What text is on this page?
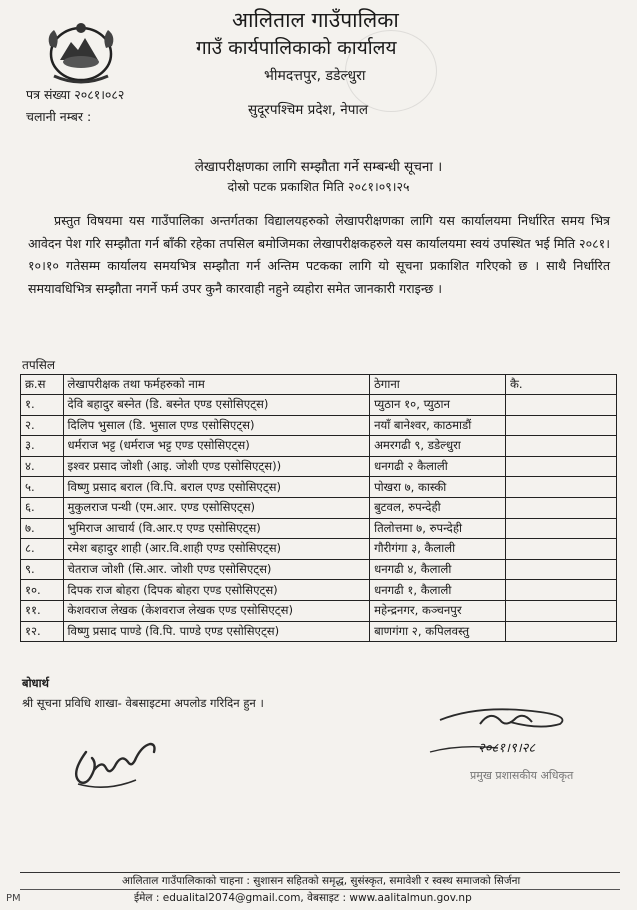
आलिताल गाउँपालिका
गाउँ कार्यपालिकाको कार्यालय
भीमदत्तपुर, डडेल्धुरा
सुदूरपश्चिम प्रदेश, नेपाल
पत्र संख्या २०८१।०८२
चलानी नम्बर :
लेखापरीक्षणका लागि सम्झौता गर्ने सम्बन्धी सूचना ।
दोस्रो पटक प्रकाशित मिति २०८१।०९।२५
प्रस्तुत विषयमा यस गाउँपालिका अन्तर्गतका विद्यालयहरुको लेखापरीक्षणका लागि यस कार्यालयमा निर्धारित समय भित्र आवेदन पेश गरि सम्झौता गर्न बाँकी रहेका तपसिल बमोजिमका लेखापरीक्षकहरुले यस कार्यालयमा स्वयं उपस्थित भई मिति २०८१।१०।१० गतेसम्म कार्यालय समयभित्र सम्झौता गर्न अन्तिम पटकका लागि यो सूचना प्रकाशित गरिएको छ । साथै निर्धारित समयावधिभित्र सम्झौता नगर्ने फर्म उपर कुनै कारवाही नहुने व्यहोरा समेत जानकारी गराइन्छ ।
तपसिल
क्र.स	लेखापरीक्षक तथा फर्महरुको नाम	ठेगाना	कै.
१.	देवि बहादुर बस्नेत (डि. बस्नेत एण्ड एसोसिएट्स)	प्युठान १०, प्युठान	
२.	दिलिप भुसाल (डि. भुसाल एण्ड एसोसिएट्स)	नयाँ बानेश्वर, काठमाडौं	
३.	धर्मराज भट्ट (धर्मराज भट्ट एण्ड एसोसिएट्स)	अमरगढी ९, डडेल्धुरा	
४.	इश्वर प्रसाद जोशी (आइ. जोशी एण्ड एसोसिएट्स))	धनगढी २ कैलाली	
५.	विष्णु प्रसाद बराल (वि.पि. बराल एण्ड एसोसिएट्स)	पोखरा ७, कास्की	
६.	मुकुलराज पन्थी (एम.आर. एण्ड एसोसिएट्स)	बुटवल, रुपन्देही	
७.	भुमिराज आचार्य (वि.आर.ए एण्ड एसोसिएट्स)	तिलोत्तमा ७, रुपन्देही	
८.	रमेश बहादुर शाही (आर.वि.शाही एण्ड एसोसिएट्स)	गौरीगंगा ३, कैलाली	
९.	चेतराज जोशी (सि.आर. जोशी एण्ड एसोसिएट्स)	धनगढी ४, कैलाली	
१०.	दिपक राज बोहरा (दिपक बोहरा एण्ड एसोसिएट्स)	धनगढी १, कैलाली	
११.	केशवराज लेखक (केशवराज लेखक एण्ड एसोसिएट्स)	महेन्द्रनगर, कञ्चनपुर	
१२.	विष्णु प्रसाद पाण्डे (वि.पि. पाण्डे एण्ड एसोसिएट्स)	बाणगंगा २, कपिलवस्तु	
बोधार्थ
श्री सूचना प्रविधि शाखा- वेबसाइटमा अपलोड गरिदिन हुन ।
२०८१।९।२८
प्रमुख प्रशासकीय अधिकृत
आलिताल गाउँपालिकाको चाहना : सुशासन सहितको समृद्ध, सुसंस्कृत, समावेशी र स्वस्थ समाजको सिर्जना
ईमेल : edualital2074@gmail.com, वेबसाइट : www.aalitalmun.gov.np
PM
